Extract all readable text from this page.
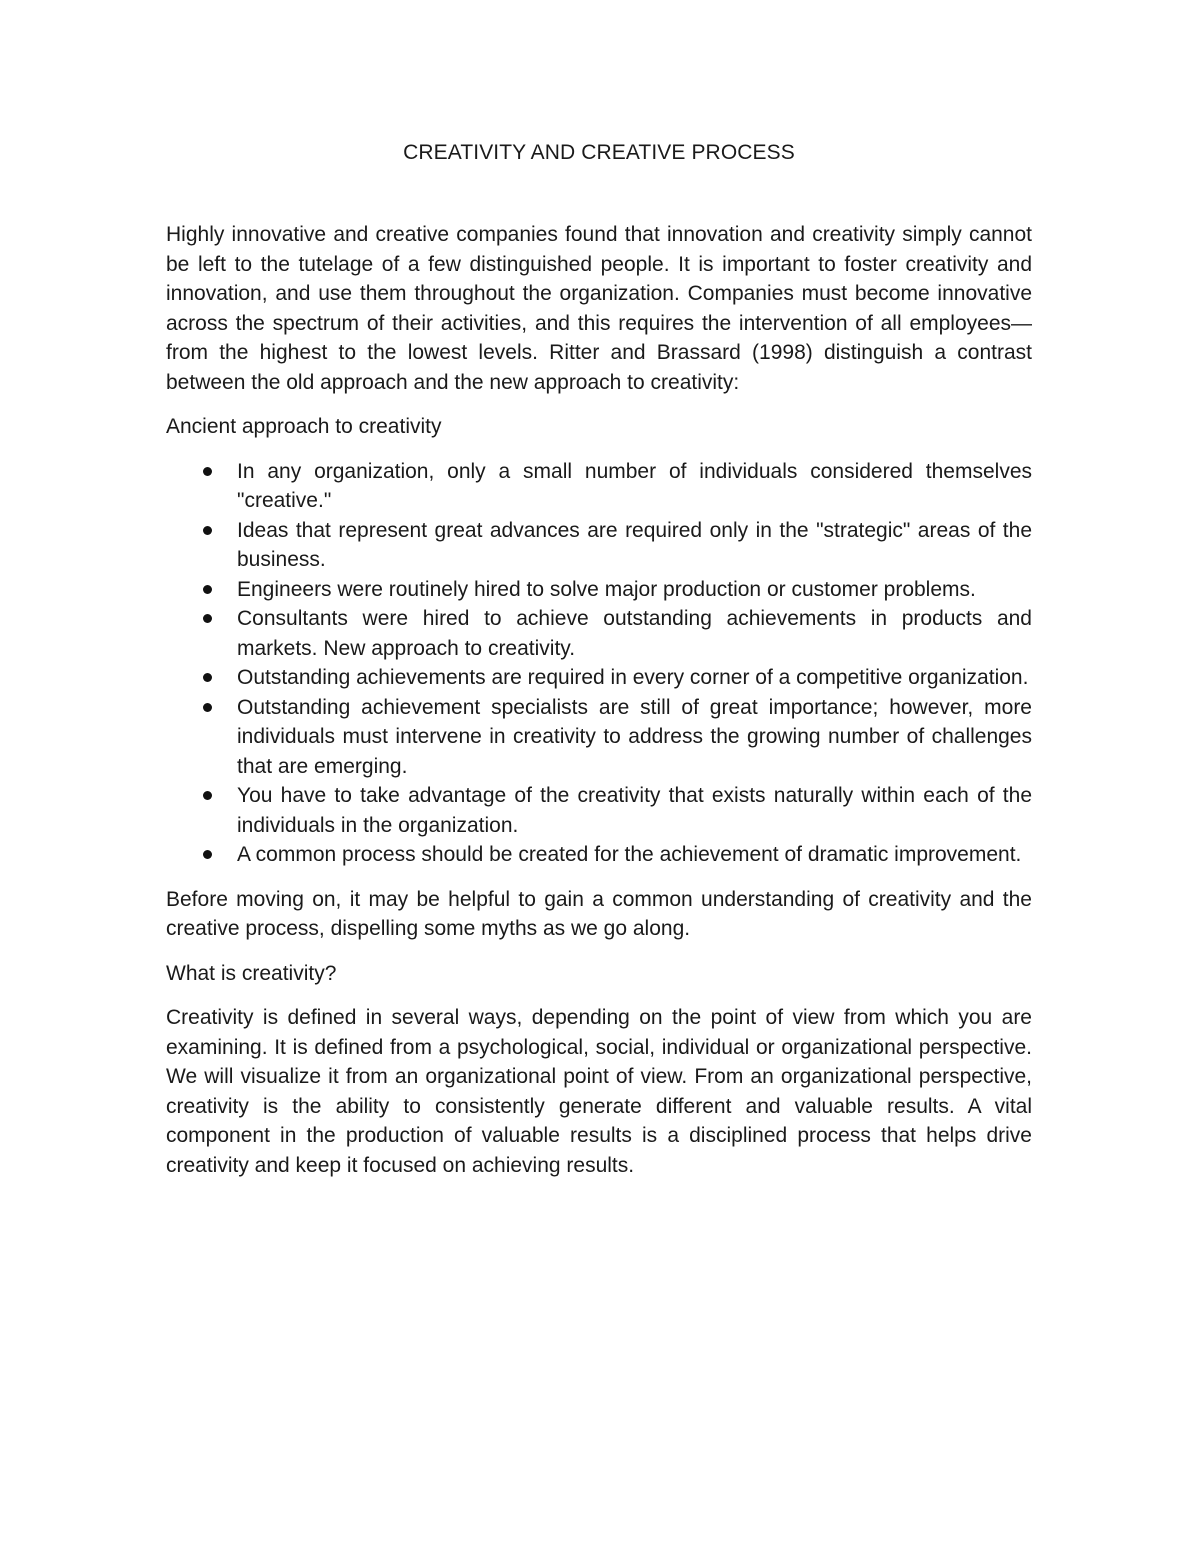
CREATIVITY AND CREATIVE PROCESS

Highly innovative and creative companies found that innovation and creativity simply cannot be left to the tutelage of a few distinguished people. It is important to foster creativity and innovation, and use them throughout the organization. Companies must become innovative across the spectrum of their activities, and this requires the intervention of all employees— from the highest to the lowest levels. Ritter and Brassard (1998) distinguish a contrast between the old approach and the new approach to creativity:

Ancient approach to creativity

In any organization, only a small number of individuals considered themselves "creative."
Ideas that represent great advances are required only in the "strategic" areas of the business.
Engineers were routinely hired to solve major production or customer problems.
Consultants were hired to achieve outstanding achievements in products and markets. New approach to creativity.
Outstanding achievements are required in every corner of a competitive organization.
Outstanding achievement specialists are still of great importance; however, more individuals must intervene in creativity to address the growing number of challenges that are emerging.
You have to take advantage of the creativity that exists naturally within each of the individuals in the organization.
A common process should be created for the achievement of dramatic improvement.

Before moving on, it may be helpful to gain a common understanding of creativity and the creative process, dispelling some myths as we go along.

What is creativity?

Creativity is defined in several ways, depending on the point of view from which you are examining. It is defined from a psychological, social, individual or organizational perspective. We will visualize it from an organizational point of view. From an organizational perspective, creativity is the ability to consistently generate different and valuable results. A vital component in the production of valuable results is a disciplined process that helps drive creativity and keep it focused on achieving results.
